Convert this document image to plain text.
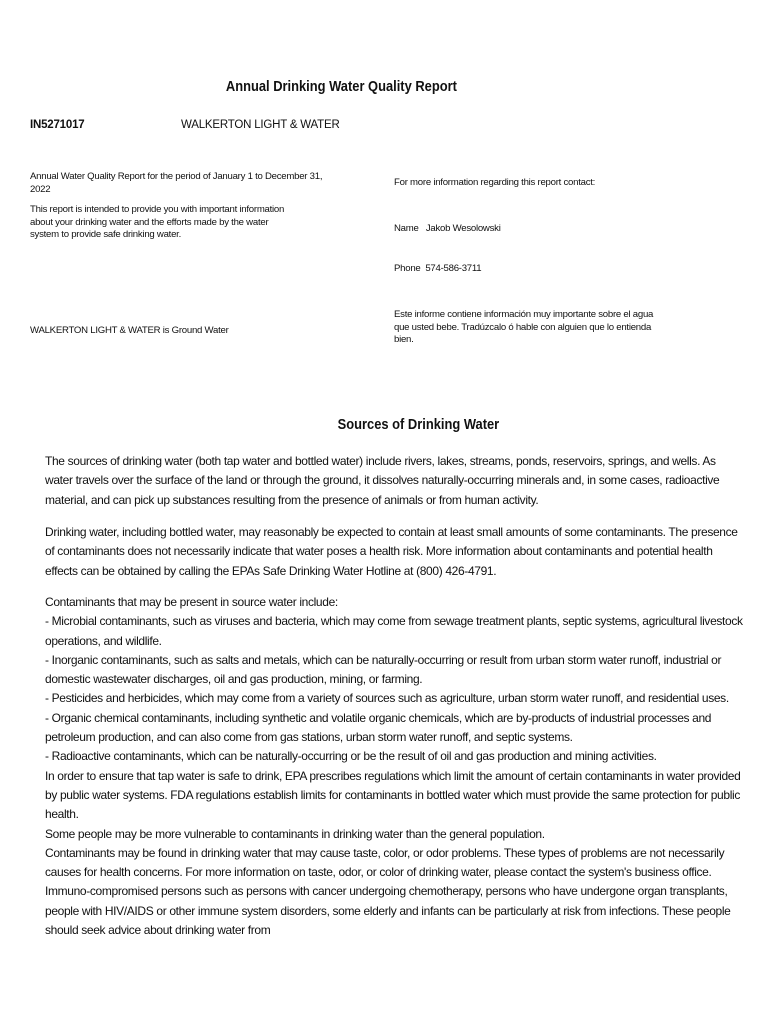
Annual Drinking Water Quality Report
IN5271017	WALKERTON LIGHT & WATER
Annual Water Quality Report for the period of January 1 to December 31, 2022
This report is intended to provide you with important information about your drinking water and the efforts made by the water system to provide safe drinking water.
WALKERTON LIGHT & WATER is Ground Water
For more information regarding this report contact:
Name   Jakob Wesolowski
Phone  574-586-3711
Este informe contiene información muy importante sobre el agua que usted bebe. Tradúzcalo ó hable con alguien que lo entienda bien.
Sources of Drinking Water
The sources of drinking water (both tap water and bottled water) include rivers, lakes, streams, ponds, reservoirs, springs, and wells. As water travels over the surface of the land or through the ground, it dissolves naturally-occurring minerals and, in some cases, radioactive material, and can pick up substances resulting from the presence of animals or from human activity.
Drinking water, including bottled water, may reasonably be expected to contain at least small amounts of some contaminants. The presence of contaminants does not necessarily indicate that water poses a health risk. More information about contaminants and potential health effects can be obtained by calling the EPAs Safe Drinking Water Hotline at (800) 426-4791.
Contaminants that may be present in source water include:
- Microbial contaminants, such as viruses and bacteria, which may come from sewage treatment plants, septic systems, agricultural livestock operations, and wildlife.
- Inorganic contaminants, such as salts and metals, which can be naturally-occurring or result from urban storm water runoff, industrial or domestic wastewater discharges, oil and gas production, mining, or farming.
- Pesticides and herbicides, which may come from a variety of sources such as agriculture, urban storm water runoff, and residential uses.
- Organic chemical contaminants, including synthetic and volatile organic chemicals, which are by-products of industrial processes and petroleum production, and can also come from gas stations, urban storm water runoff, and septic systems.
- Radioactive contaminants, which can be naturally-occurring or be the result of oil and gas production and mining activities.
In order to ensure that tap water is safe to drink, EPA prescribes regulations which limit the amount of certain contaminants in water provided by public water systems. FDA regulations establish limits for contaminants in bottled water which must provide the same protection for public health.
Some people may be more vulnerable to contaminants in drinking water than the general population.
Contaminants may be found in drinking water that may cause taste, color, or odor problems. These types of problems are not necessarily causes for health concerns. For more information on taste, odor, or color of drinking water, please contact the system's business office.
Immuno-compromised persons such as persons with cancer undergoing chemotherapy, persons who have undergone organ transplants, people with HIV/AIDS or other immune system disorders, some elderly and infants can be particularly at risk from infections. These people should seek advice about drinking water from
